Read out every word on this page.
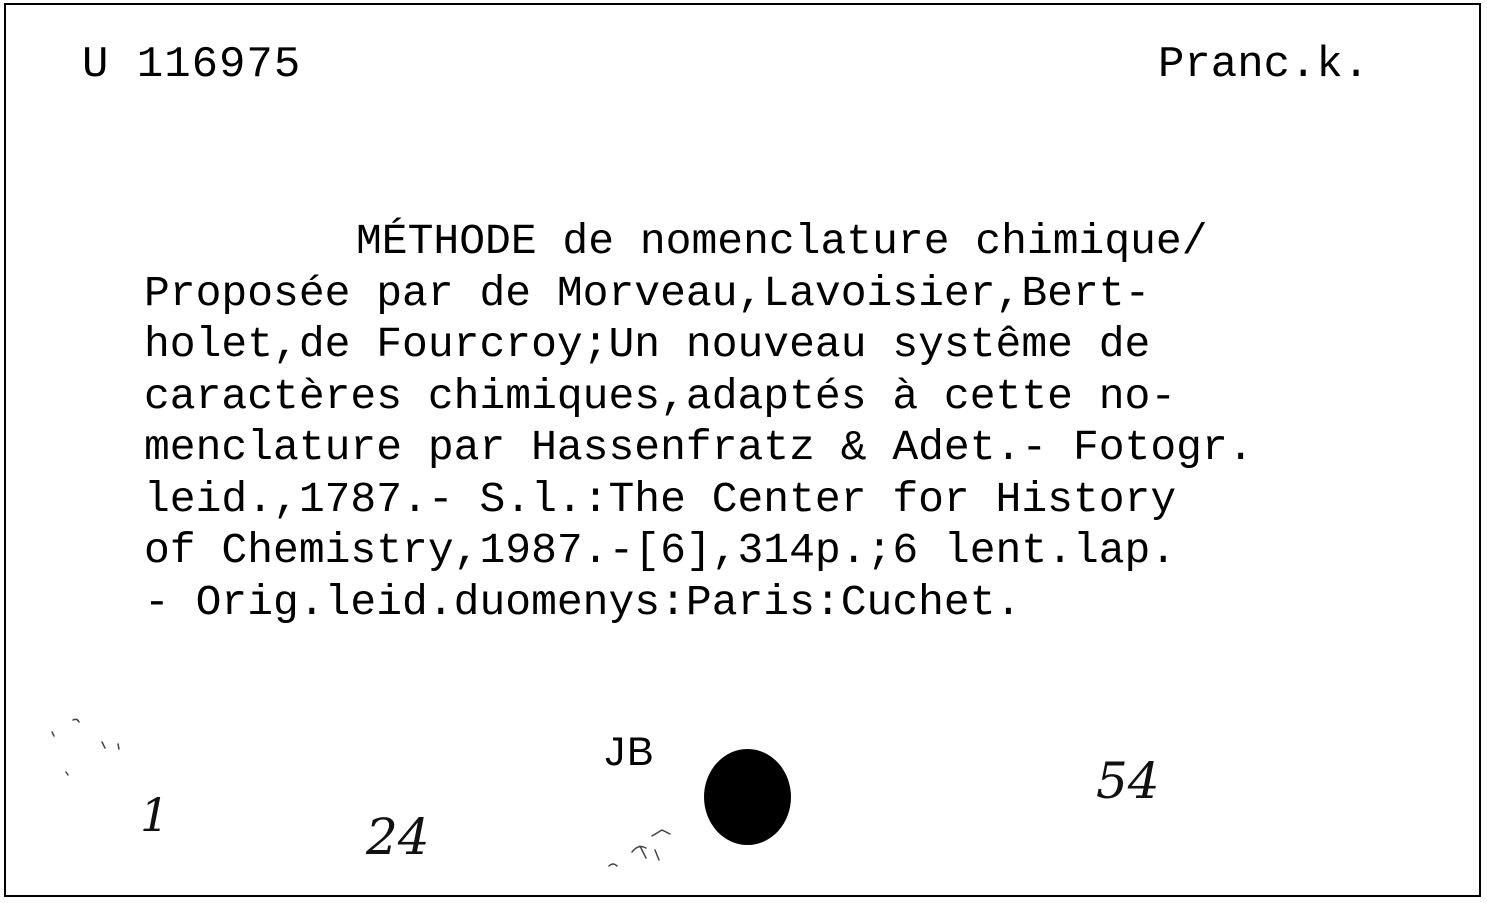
U 116975	Pranc.k.
MÉTHODE de nomenclature chimique/
Proposée par de Morveau,Lavoisier,Bert-
holet,de Fourcroy;Un nouveau systême de
caractères chimiques,adaptés à cette no-
menclature par Hassenfratz & Adet.- Fotogr.
leid.,1787.- S.l.:The Center for History
of Chemistry,1987.-[6],314p.;6 lent.lap.
- Orig.leid.duomenys:Paris:Cuchet.
JB
1	24
54
